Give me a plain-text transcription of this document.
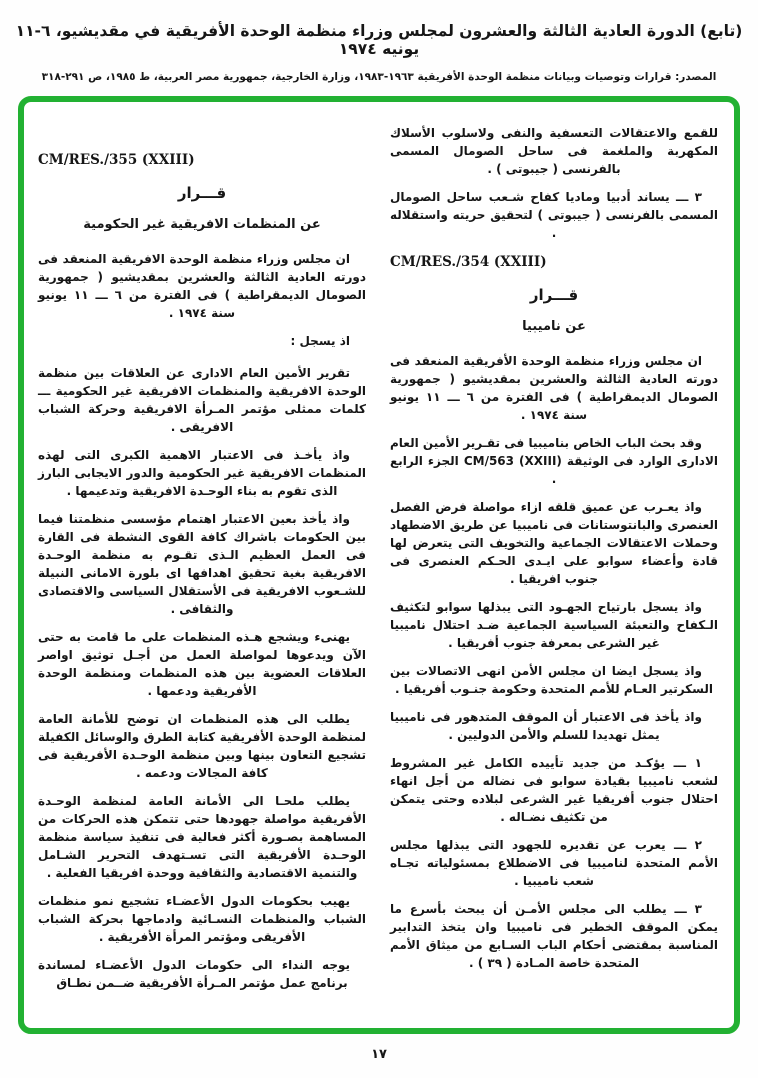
(تابع) الدورة العادية الثالثة والعشرون لمجلس وزراء منظمة الوحدة الأفريقية في مقديشيو، ٦-١١ يونيه ١٩٧٤
المصدر: قرارات وتوصيات وبيانات منظمة الوحدة الأفريقية ١٩٦٣-١٩٨٣، وزارة الخارجية، جمهورية مصر العربية، ط ١٩٨٥، ص ٢٩١-٣١٨

للقمع والاعتقالات التعسفية والنفى ولاسلوب الأسلاك المكهربة والملغمة فى ساحل الصومال المسمى بالفرنسى ( جيبوتى ) .

٣ ـــ يساند أدبيا وماديا كفاح شـعب ساحل الصومال المسمى بالفرنسى ( جيبوتى ) لتحقيق حريته واستقلاله .

CM/RES./354 (XXIII)
قـــرار
عن ناميبيا

ان مجلس وزراء منظمة الوحدة الأفريقية المنعقد فى دورته العادية الثالثة والعشرين بمقديشيو ( جمهورية الصومال الديمقراطية ) فى الفترة من ٦ ـــ ١١ يونيو سنة ١٩٧٤ .

وقد بحث الباب الخاص بناميبيا فى تقـرير الأمين العام الادارى الوارد فى الوثيقة CM/563 (XXIII) الجزء الرابع .

واذ يعـرب عن عميق قلقه ازاء مواصلة فرض الفصل العنصرى والبانتوستانات فى ناميبيا عن طريق الاضطهاد وحملات الاعتقالات الجماعية والتخويف التى يتعرض لها قادة وأعضاء سوابو على ايـدى الحـكم العنصرى فى جنوب افريقيا .

واذ يسجل بارتياح الجهـود التى يبذلها سوابو لتكثيف الـكفاح والتعبئة السياسية الجماعية ضـد احتلال ناميبيا غير الشرعى بمعرفة جنوب أفريقيا .

واذ يسجل ايضا ان مجلس الأمن انهى الاتصالات بين السكرتير العـام للأمم المتحدة وحكومة جنـوب أفريقيا .

واذ يأخذ فى الاعتبار أن الموقف المتدهور فى ناميبيا يمثل تهديدا للسلم والأمن الدوليين .

١ ـــ يؤكـد من جديد تأييده الكامل غير المشروط لشعب ناميبيا بقيادة سوابو فى نضاله من أجل انهاء احتلال جنوب أفريقيا غير الشرعى لبلاده وحتى يتمكن من تكثيف نضـاله .

٢ ـــ يعرب عن تقديره للجهود التى يبذلها مجلس الأمم المتحدة لناميبيا فى الاضطلاع بمسئولياته تجـاه شعب ناميبيا .

٣ ـــ يطلب الى مجلس الأمـن أن يبحث بأسرع ما يمكن الموقف الخطير فى ناميبيا وان يتخذ التدابير المناسبة بمقتضى أحكام الباب السـابع من ميثاق الأمم المتحدة خاصة المـادة ( ٣٩ ) .

CM/RES./355 (XXIII)
قـــرار
عن المنظمات الافريقية غير الحكومية

ان مجلس وزراء منظمة الوحدة الافريقية المنعقد فى دورته العادية الثالثة والعشرين بمقديشيو ( جمهورية الصومال الديمقراطية ) فى الفترة من ٦ ـــ ١١ يونيو سنة ١٩٧٤ .

اذ يسجل :

تقرير الأمين العام الادارى عن العلاقات بين منظمة الوحدة الافريقية والمنظمات الافريقية غير الحكومية ـــ كلمات ممثلى مؤتمر المـرأة الافريقية وحركة الشباب الافريقى .

واذ يأخـذ فى الاعتبار الاهمية الكبرى التى لهذه المنظمات الافريقية غير الحكومية والدور الايجابى البارز الذى تقوم به بناء الوحـدة الافريقية وتدعيمها .

واذ يأخذ بعين الاعتبار اهتمام مؤسسى منظمتنا فيما بين الحكومات باشراك كافة القوى النشطة فى القارة فى العمل العظيم الـذى تقـوم به منظمة الوحـدة الافريقية بغية تحقيق اهدافها اى بلورة الامانى النبيلة للشـعوب الافريقية فى الأستقلال السياسى والاقتصادى والثقافى .

يهنىء ويشجع هـذه المنظمات على ما قامت به حتى الآن ويدعوها لمواصلة العمل من أجـل توثيق اواصر العلاقات العضوية بين هذه المنظمات ومنظمة الوحدة الأفريقية ودعمها .

يطلب الى هذه المنظمات ان توضح للأمانة العامة لمنظمة الوحدة الأفريقية كتابة الطرق والوسائل الكفيلة تشجيع التعاون بينها وبين منظمة الوحـدة الأفريقية فى كافة المجالات ودعمه .

يطلب ملحـا الى الأمانة العامة لمنظمة الوحـدة الأفريقية مواصلة جهودها حتى تتمكن هذه الحركات من المساهمة بصـورة أكثر فعالية فى تنفيذ سياسة منظمة الوحـدة الأفريقية التى تسـتهدف التحرير الشـامل والتنمية الاقتصادية والثقافية ووحدة افريقيا الفعلية .

يهيب بحكومات الدول الأعضـاء تشجيع نمو منظمات الشباب والمنظمات النسـائية وادماجها بحركة الشباب الأفريقى ومؤتمر المرأة الأفريقية .

يوجه النداء الى حكومات الدول الأعضـاء لمساندة برنامج عمل مؤتمر المـرأة الأفريقية ضــمن نطـاق

١٧
